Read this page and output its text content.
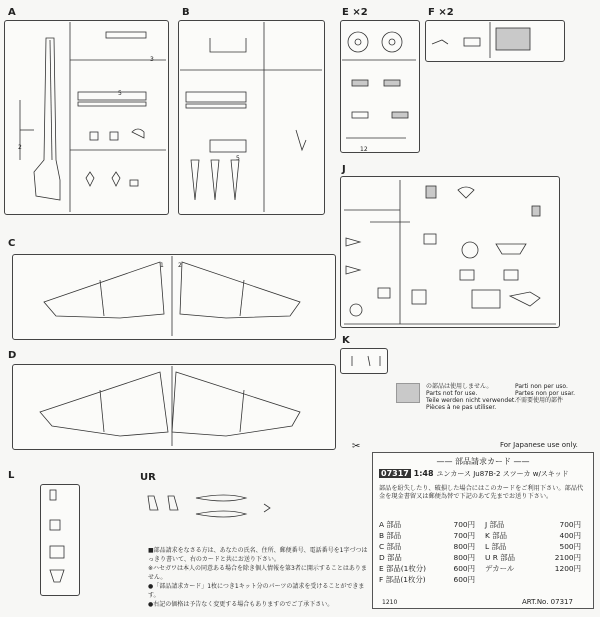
A	B	E ×2	F ×2
J
C
D
K
L	UR
3
5
2
5
1 2
12
の部品は使用しません。
Parts not for use.
Teile werden nicht verwendet.
Pièces à ne pas utiliser.
Parti non per uso.
Partes non por usar.
不需要使用的部件
For Japanese use only.
✂
—— 部品請求カード ——
07317 1:48 ユンカース Ju87B-2 スツーカ w/スキッド
部品を紛失したり、破損した場合にはこのカードをご利用下さい。部品代金を現金書留又は郵便為替で下記のあて先までお送り下さい。
A 部品	700円
B 部品	700円
C 部品	800円
D 部品	800円
E 部品(1枚分)	600円
F 部品(1枚分)	600円
J 部品	700円
K 部品	400円
L 部品	500円
U R 部品	2100円
デカール	1200円
■部品請求をなさる方は、あなたの氏名、住所、郵便番号、電話番号を1字づつはっきり書いて、右のカードと共にお送り下さい。
※ハセガワは本人の同意ある場合を除き個人情報を第3者に開示することはありません。
●「部品請求カード」1枚につき1キット分のパーツの請求を受けることができます。
●右記の価格は予告なく変更する場合もありますのでご了承下さい。	1210	ART.No. 07317
